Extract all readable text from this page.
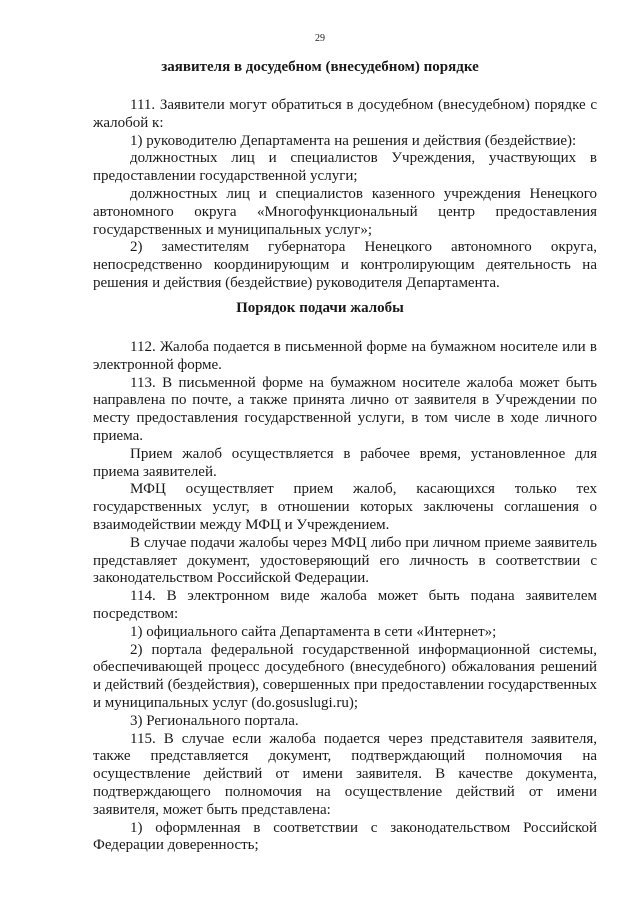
29
заявителя в досудебном (внесудебном) порядке

111. Заявители могут обратиться в досудебном (внесудебном) порядке с жалобой к:

1) руководителю Департамента на решения и действия (бездействие):

должностных лиц и специалистов Учреждения, участвующих в предоставлении государственной услуги;

должностных лиц и специалистов казенного учреждения Ненецкого автономного округа «Многофункциональный центр предоставления государственных и муниципальных услуг»;

2) заместителям губернатора Ненецкого автономного округа, непосредственно координирующим и контролирующим деятельность на решения и действия (бездействие) руководителя Департамента.

Порядок подачи жалобы

112. Жалоба подается в письменной форме на бумажном носителе или в электронной форме.

113. В письменной форме на бумажном носителе жалоба может быть направлена по почте, а также принята лично от заявителя в Учреждении по месту предоставления государственной услуги, в том числе в ходе личного приема.

Прием жалоб осуществляется в рабочее время, установленное для приема заявителей.

МФЦ осуществляет прием жалоб, касающихся только тех государственных услуг, в отношении которых заключены соглашения о взаимодействии между МФЦ и Учреждением.

В случае подачи жалобы через МФЦ либо при личном приеме заявитель представляет документ, удостоверяющий его личность в соответствии с законодательством Российской Федерации.

114. В электронном виде жалоба может быть подана заявителем посредством:

1) официального сайта Департамента в сети «Интернет»;

2) портала федеральной государственной информационной системы, обеспечивающей процесс досудебного (внесудебного) обжалования решений и действий (бездействия), совершенных при предоставлении государственных и муниципальных услуг (do.gosuslugi.ru);

3) Регионального портала.

115. В случае если жалоба подается через представителя заявителя, также представляется документ, подтверждающий полномочия на осуществление действий от имени заявителя. В качестве документа, подтверждающего полномочия на осуществление действий от имени заявителя, может быть представлена:

1) оформленная в соответствии с законодательством Российской Федерации доверенность;
